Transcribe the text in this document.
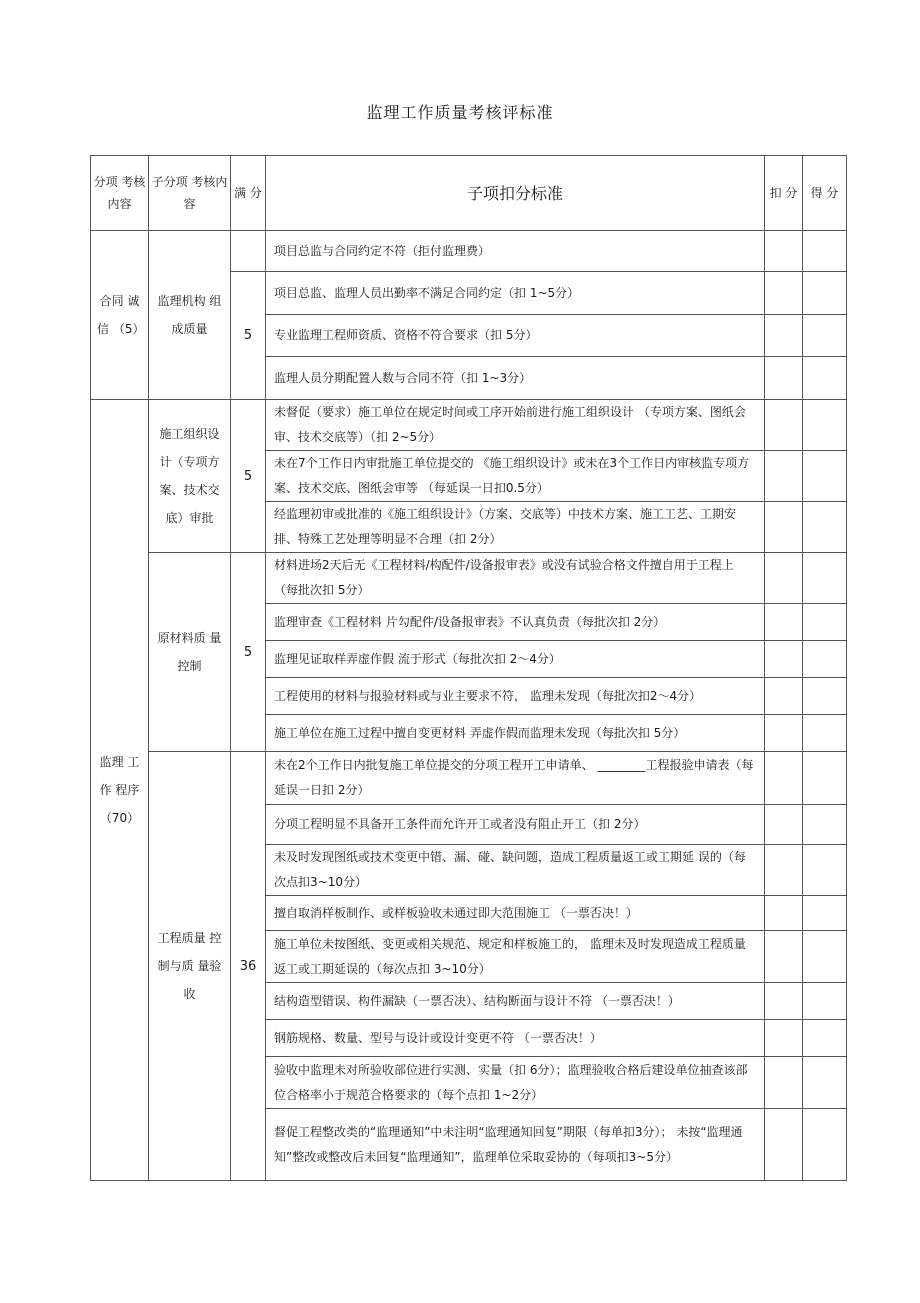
监理工作质量考核评标准
分项 考核 内容	子分项 考核内容	满 分	子项扣分标准	扣 分	得 分
合同 诚信 （5）	监理机构 组成质量		项目总监与合同约定不符（拒付监理费）		
		5	项目总监、监理人员出勤率不满足合同约定（扣 1~5分）		
			专业监理工程师资质、资格不符合要求（扣 5分）		
			监理人员分期配置人数与合同不符（扣 1~3分）		
监理 工作 程序（70）	施工组织设计（专项方案、技术交底）审批	5	未督促（要求）施工单位在规定时间或工序开始前进行施工组织设计 （专项方案、图纸会审、技术交底等）（扣 2~5分）		
			未在7个工作日内审批施工单位提交的 《施工组织设计》或未在3个工作日内审核监专项方案、技术交底、图纸会审等 （每延误一日扣0.5分）		
			经监理初审或批准的《施工组织设计》（方案、交底等）中技术方案、施工工艺、工期安排、特殊工艺处理等明显不合理（扣 2分）		
	原材料质 量控制	5	材料进场2天后无《工程材料/构配件/设备报审表》或没有试验合格文件擅自用于工程上（每批次扣 5分）		
			监理审查《工程材料 片勾配件/设备报审表》不认真负责（每批次扣 2分）		
			监理见证取样弄虚作假 流于形式（每批次扣 2～4分）		
			工程使用的材料与报验材料或与业主要求不符， 监理未发现（每批次扣2～4分）		
			施工单位在施工过程中擅自变更材料 弄虚作假而监理未发现（每批次扣 5分）		
	工程质量 控制与质 量验收	36	未在2个工作日内批复施工单位提交的分项工程开工申请单、 ________工程报验申请表（每延误一日扣 2分）		
			分项工程明显不具备开工条件而允许开工或者没有阻止开工（扣 2分）		
			未及时发现图纸或技术变更中错、漏、碰、缺问题，造成工程质量返工或工期延 误的（每次点扣3~10分）		
			擅自取消样板制作、或样板验收未通过即大范围施工 （一票否决！）		
			施工单位未按图纸、变更或相关规范、规定和样板施工的， 监理未及时发现造成工程质量返工或工期延误的（每次点扣 3~10分）		
			结构造型错误、构件漏缺（一票否决）、结构断面与设计不符 （一票否决！）		
			钢筋规格、数量、型号与设计或设计变更不符 （一票否决！）		
			验收中监理未对所验收部位进行实测、实量（扣 6分）；监理验收合格后建设单位抽查该部位合格率小于规范合格要求的（每个点扣 1~2分）		
			督促工程整改类的“监理通知”中未注明“监理通知回复”期限（每单扣3分）； 未按“监理通知”整改或整改后未回复“监理通知”，监理单位采取妥协的（每项扣3~5分）		
